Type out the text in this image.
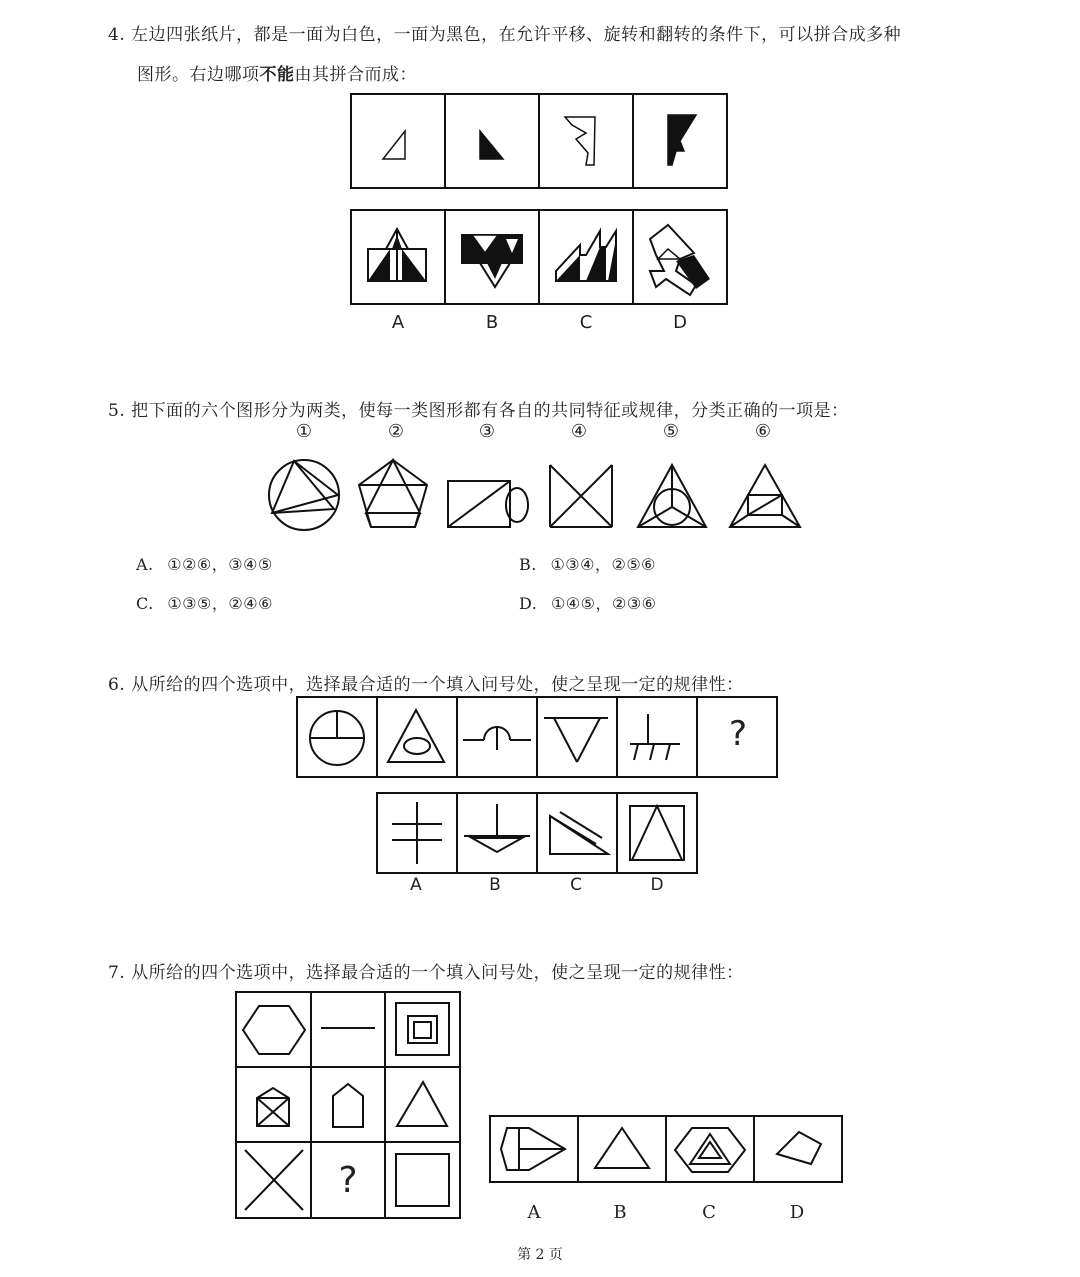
4. 左边四张纸片，都是一面为白色，一面为黑色，在允许平移、旋转和翻转的条件下，可以拼合成多种
图形。右边哪项不能由其拼合而成：
A	B	C	D
5. 把下面的六个图形分为两类，使每一类图形都有各自的共同特征或规律，分类正确的一项是：
①	②	③	④	⑤	⑥
A. ①②⑥，③④⑤	B. ①③④，②⑤⑥
C. ①③⑤，②④⑥	D. ①④⑤，②③⑥
6. 从所给的四个选项中，选择最合适的一个填入问号处，使之呈现一定的规律性：
?
A	B	C	D
7. 从所给的四个选项中，选择最合适的一个填入问号处，使之呈现一定的规律性：
?
A	B	C	D
第 2 页
